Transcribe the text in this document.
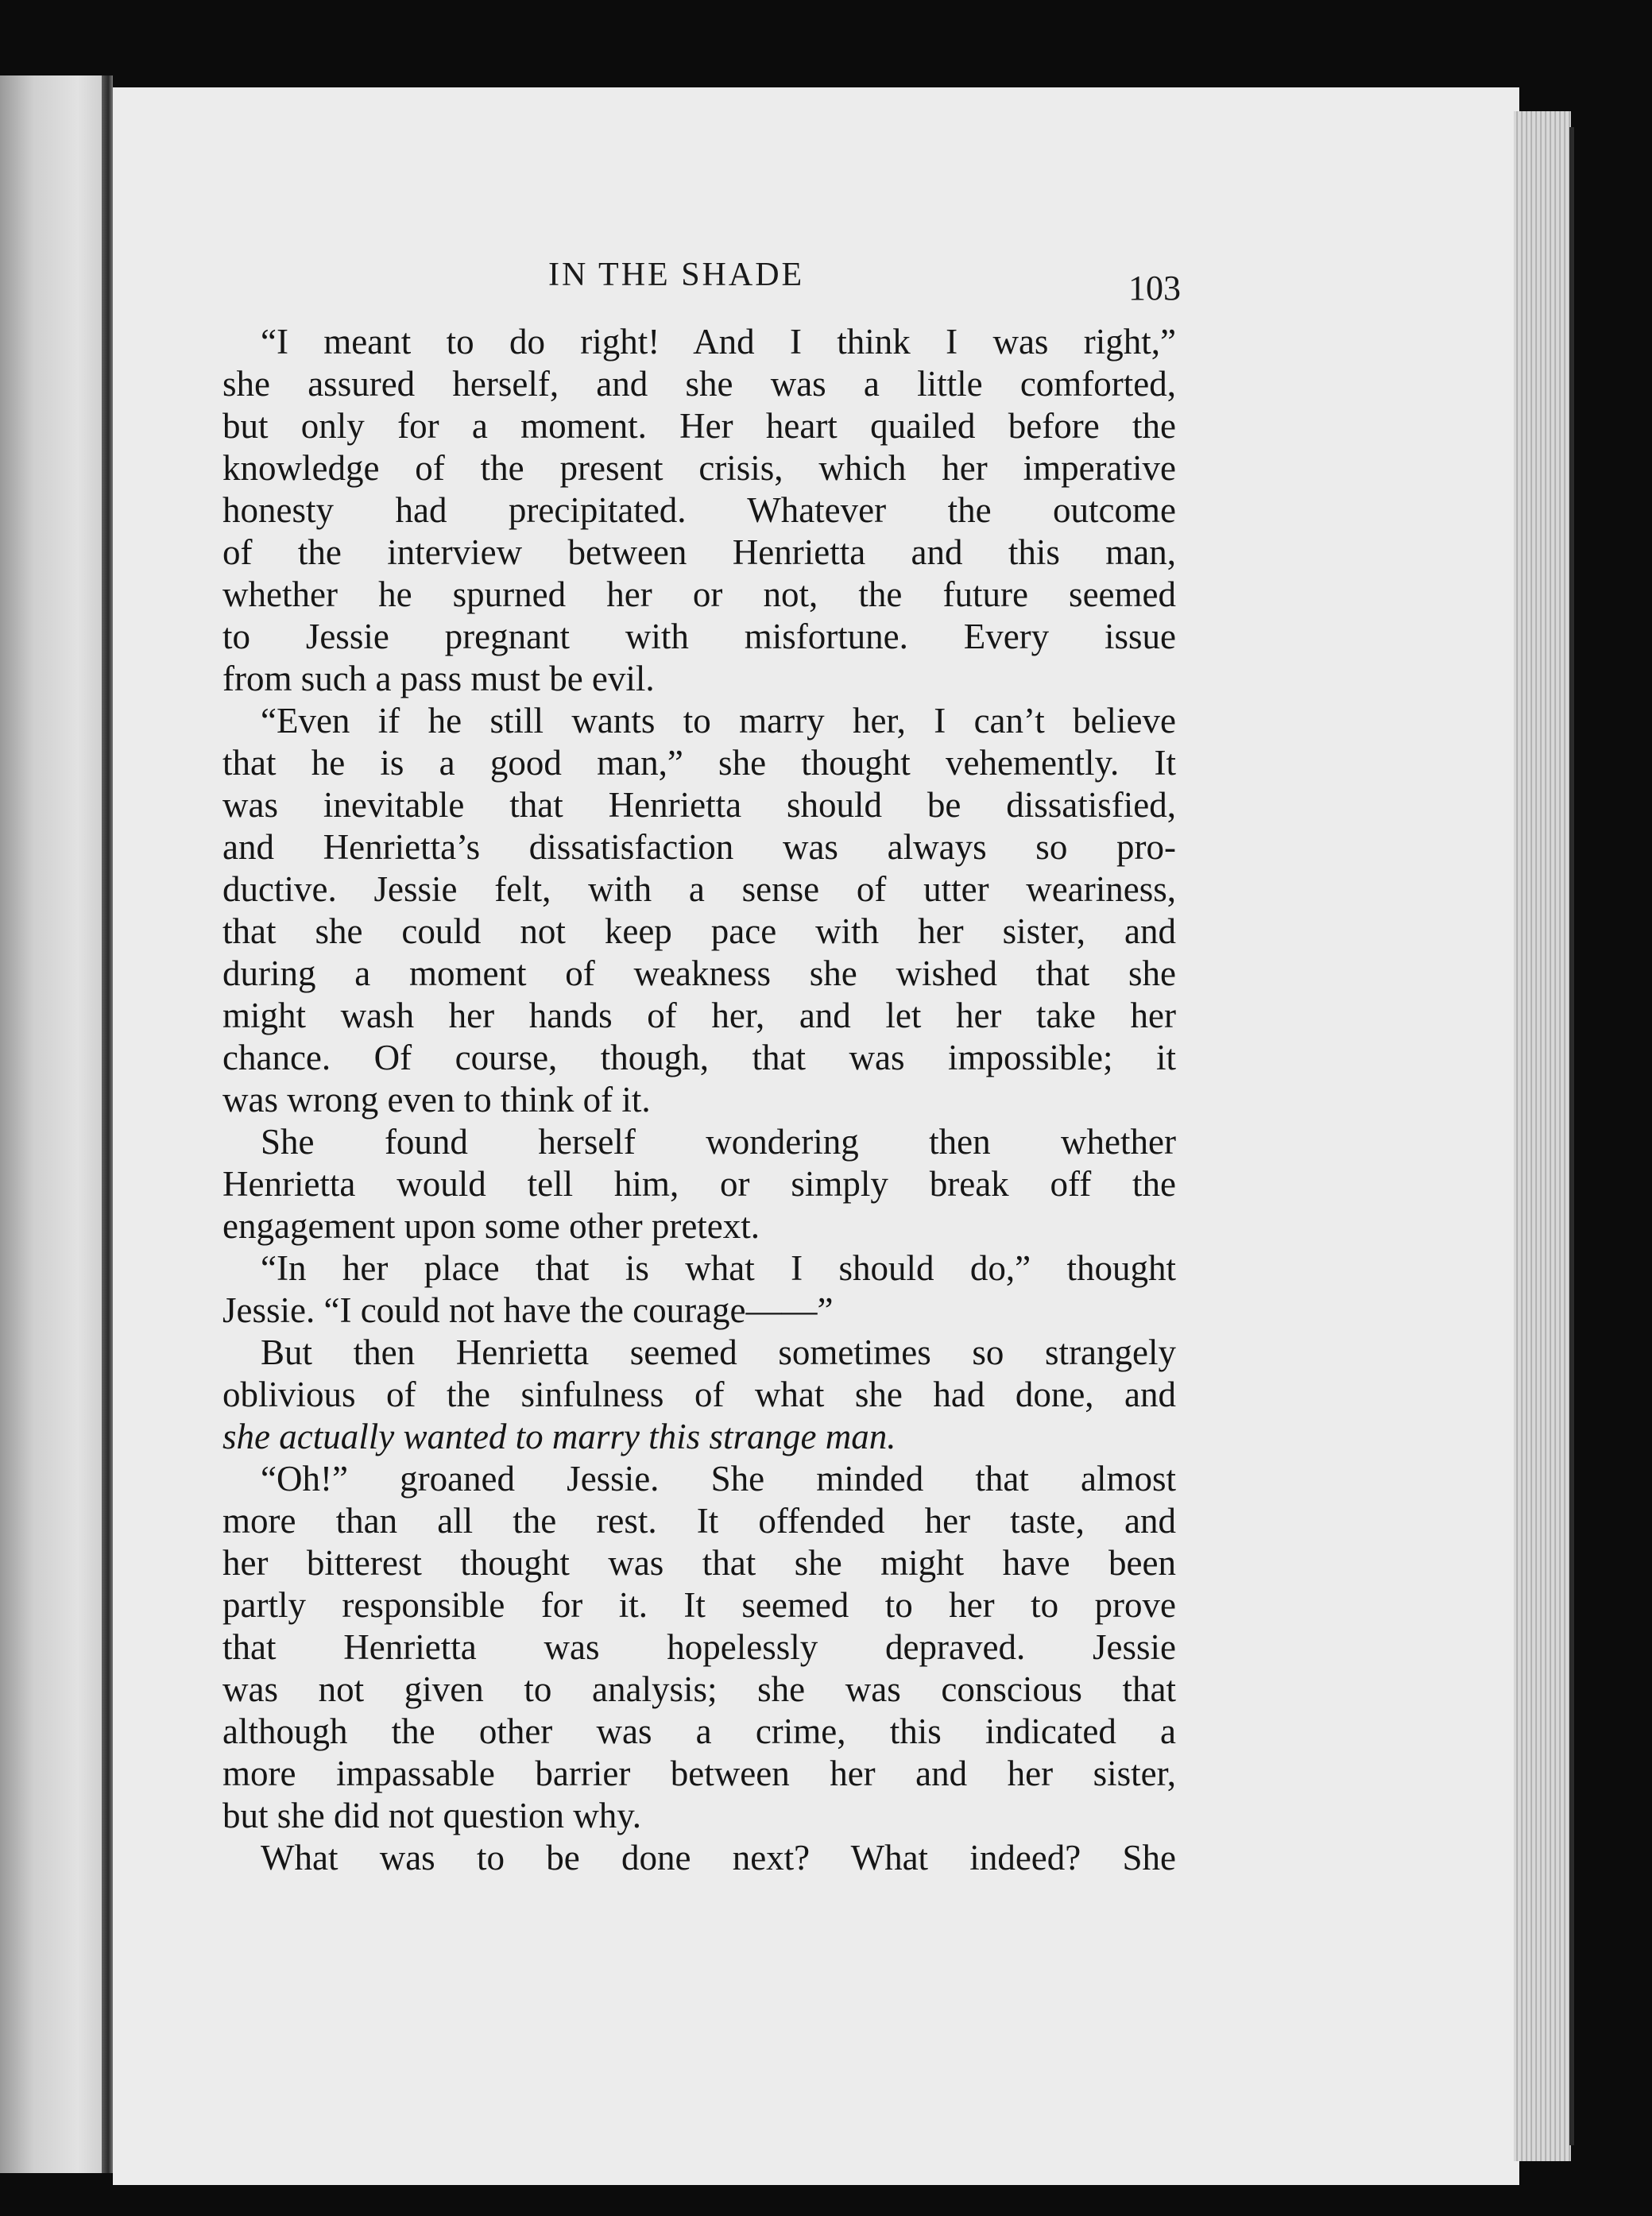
IN THE SHADE	103
“I meant to do right! And I think I was right,”
she assured herself, and she was a little comforted,
but only for a moment. Her heart quailed before the
knowledge of the present crisis, which her imperative
honesty had precipitated. Whatever the outcome
of the interview between Henrietta and this man,
whether he spurned her or not, the future seemed
to Jessie pregnant with misfortune. Every issue
from such a pass must be evil.
“Even if he still wants to marry her, I can’t believe
that he is a good man,” she thought vehemently. It
was inevitable that Henrietta should be dissatisfied,
and Henrietta’s dissatisfaction was always so pro-
ductive. Jessie felt, with a sense of utter weariness,
that she could not keep pace with her sister, and
during a moment of weakness she wished that she
might wash her hands of her, and let her take her
chance. Of course, though, that was impossible; it
was wrong even to think of it.
She found herself wondering then whether
Henrietta would tell him, or simply break off the
engagement upon some other pretext.
“In her place that is what I should do,” thought
Jessie. “I could not have the courage——”
But then Henrietta seemed sometimes so strangely
oblivious of the sinfulness of what she had done, and
she actually wanted to marry this strange man.
“Oh!” groaned Jessie. She minded that almost
more than all the rest. It offended her taste, and
her bitterest thought was that she might have been
partly responsible for it. It seemed to her to prove
that Henrietta was hopelessly depraved. Jessie
was not given to analysis; she was conscious that
although the other was a crime, this indicated a
more impassable barrier between her and her sister,
but she did not question why.
What was to be done next? What indeed? She
